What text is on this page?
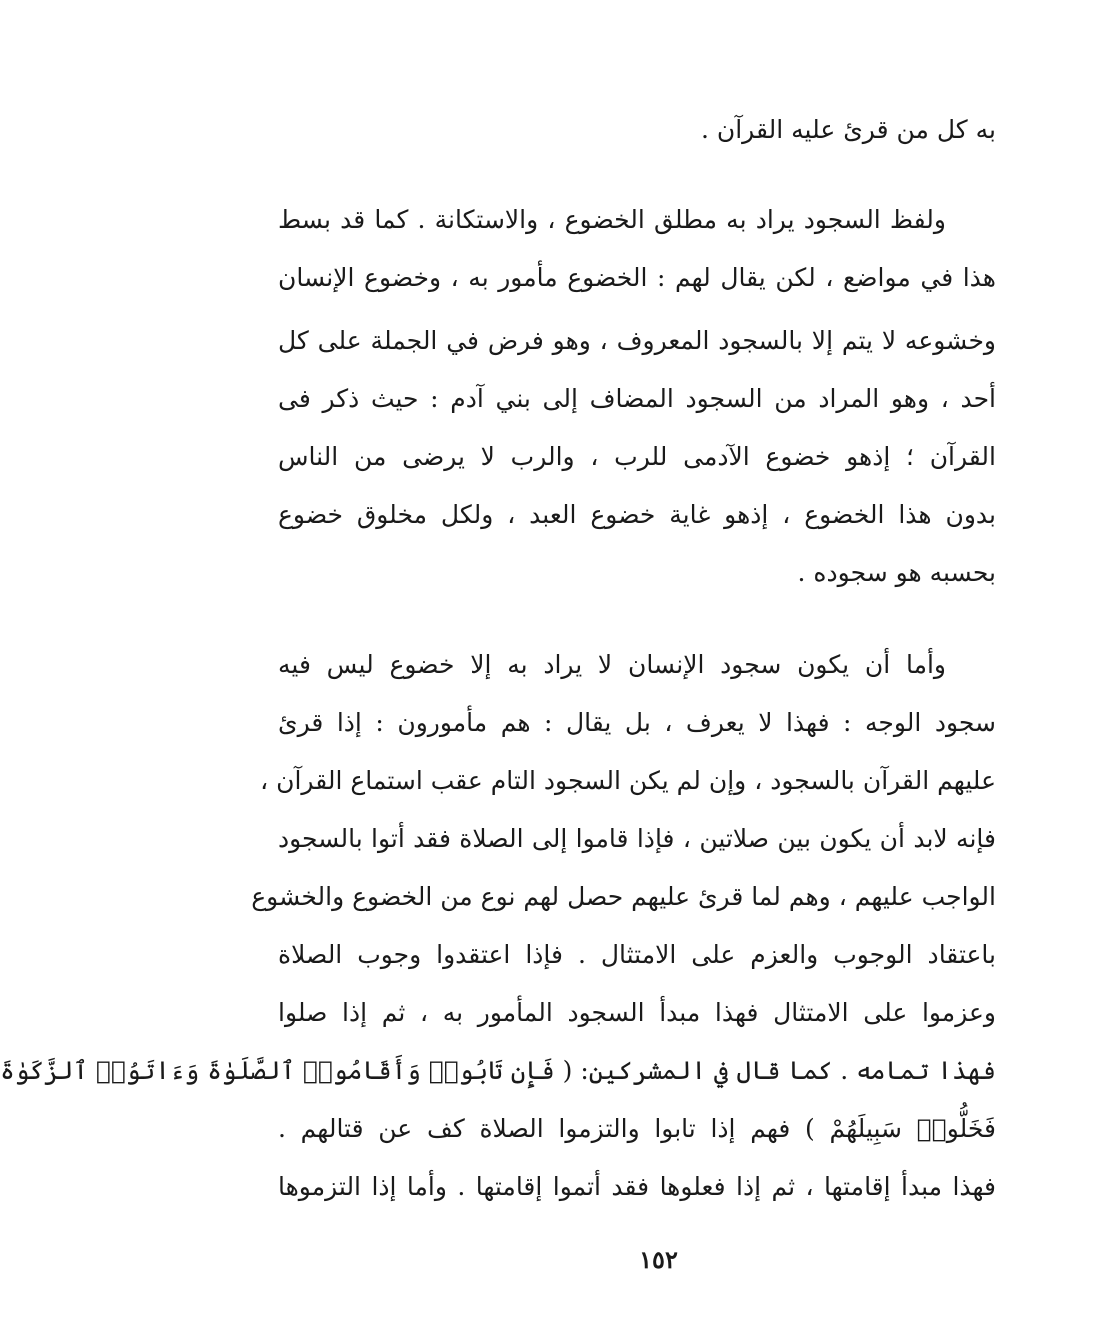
به كل من قرئ عليه القرآن .
ولفظ السجود يراد به مطلق الخضوع ، والاستكانة . كما قد بسط
هذا في مواضع ، لكن يقال لهم : الخضوع مأمور به ، وخضوع الإنسان
وخشوعه لا يتم إلا بالسجود المعروف ، وهو فرض في الجملة على كل
أحد ، وهو المراد من السجود المضاف إلى بني آدم : حيث ذكر فى
القرآن ؛ إذهو خضوع الآدمى للرب ، والرب لا يرضى من الناس
بدون هذا الخضوع ، إذهو غاية خضوع العبد ، ولكل مخلوق خضوع
بحسبه هو سجوده .
وأما أن يكون سجود الإنسان لا يراد به إلا خضوع ليس فيه
سجود الوجه : فهذا لا يعرف ، بل يقال : هم مأمورون : إذا قرئ
عليهم القرآن بالسجود ، وإن لم يكن السجود التام عقب استماع القرآن ،
فإنه لابد أن يكون بين صلاتين ، فإذا قاموا إلى الصلاة فقد أتوا بالسجود
الواجب عليهم ، وهم لما قرئ عليهم حصل لهم نوع من الخضوع والخشوع
باعتقاد الوجوب والعزم على الامتثال . فإذا اعتقدوا وجوب الصلاة
وعزموا على الامتثال فهذا مبدأ السجود المأمور به ، ثم إذا صلوا
فهذا تمامه . كما قال في المشركين: ( فَإِن تَابُوا۟ وَأَقَامُوا۟ ٱلصَّلَوٰةَ وَءَاتَوُا۟ ٱلزَّكَوٰةَ
فَخَلُّوا۟ سَبِيلَهُمْ ) فهم إذا تابوا والتزموا الصلاة كف عن قتالهم .
فهذا مبدأ إقامتها ، ثم إذا فعلوها فقد أتموا إقامتها . وأما إذا التزموها
١٥٢
